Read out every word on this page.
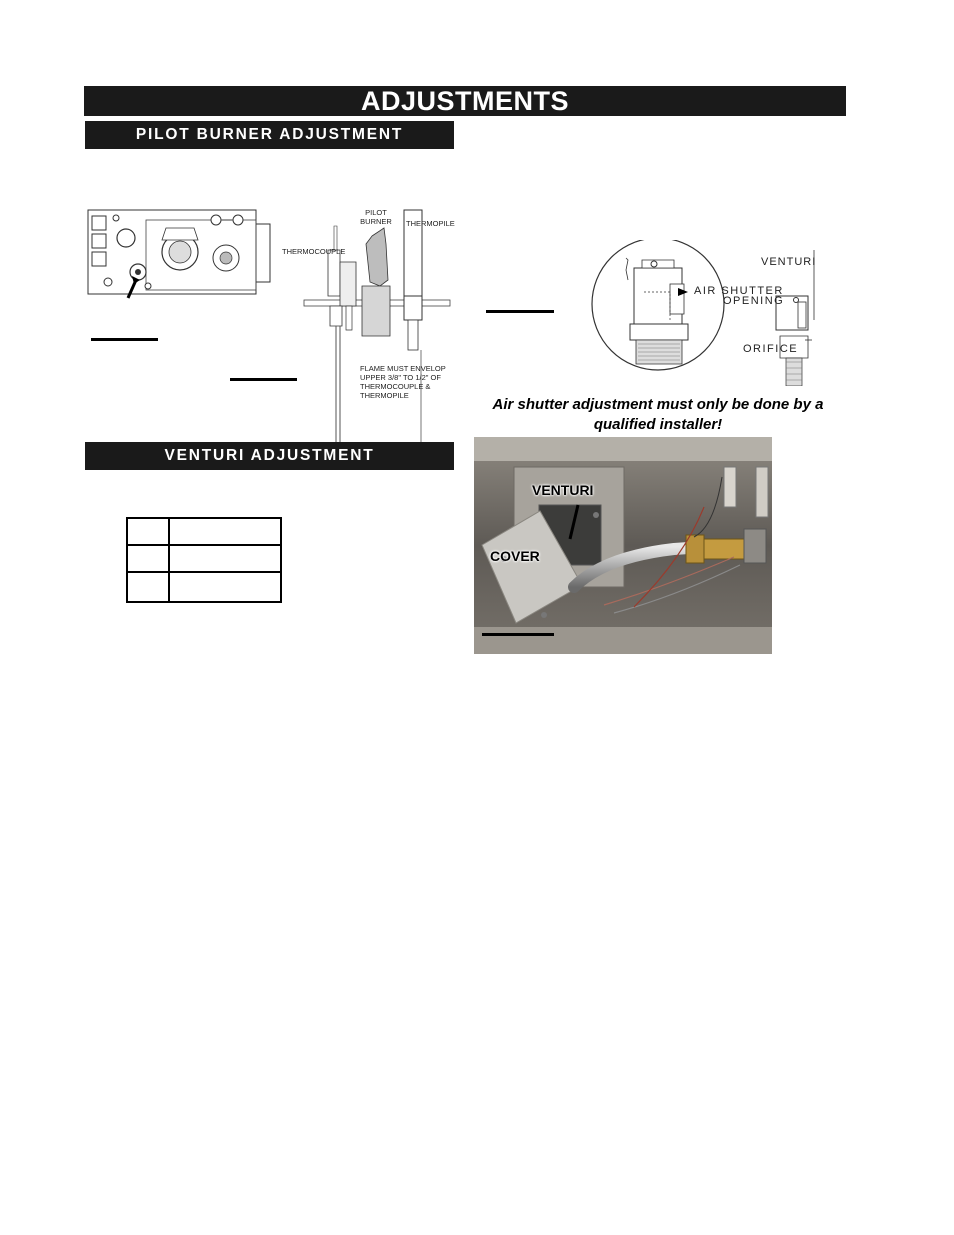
ADJUSTMENTS
PILOT BURNER ADJUSTMENT
VENTURI ADJUSTMENT
PILOT
BURNER	THERMOPILE
THERMOCOUPLE
FLAME MUST ENVELOP
UPPER 3/8" TO 1/2" OF
THERMOCOUPLE &
THERMOPILE
AIR SHUTTER
OPENING
VENTURI
ORIFICE
Air shutter adjustment must only be done by a qualified installer!

VENTURI
COVER
